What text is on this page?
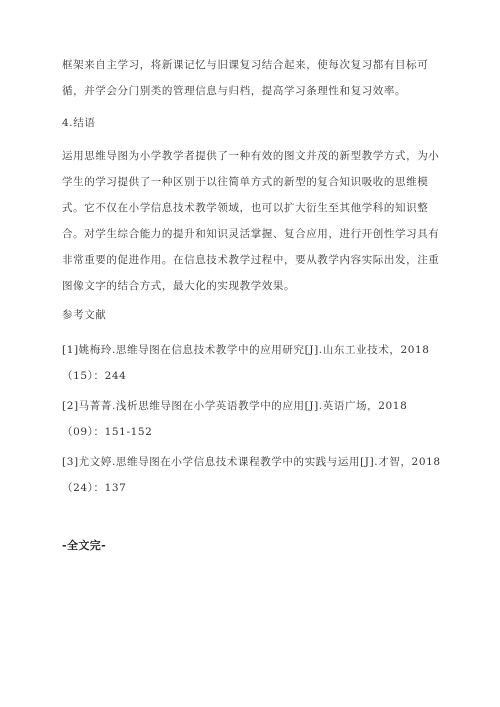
框架来自主学习，将新课记忆与旧课复习结合起来，使每次复习都有目标可
循，并学会分门别类的管理信息与归档，提高学习条理性和复习效率。
4.结语
运用思维导图为小学教学者提供了一种有效的图文并茂的新型教学方式，为小
学生的学习提供了一种区别于以往简单方式的新型的复合知识吸收的思维模
式。它不仅在小学信息技术教学领域，也可以扩大衍生至其他学科的知识整
合。对学生综合能力的提升和知识灵活掌握、复合应用，进行开创性学习具有
非常重要的促进作用。在信息技术教学过程中，要从教学内容实际出发，注重
图像文字的结合方式，最大化的实现教学效果。
参考文献
[1]姚梅玲.思维导图在信息技术教学中的应用研究[J].山东工业技术，2018
（15）：244
[2]马菁菁.浅析思维导图在小学英语教学中的应用[J].英语广场，2018
（09）：151-152
[3]尤文婷.思维导图在小学信息技术课程教学中的实践与运用[J].才智，2018
（24）：137
-全文完-
